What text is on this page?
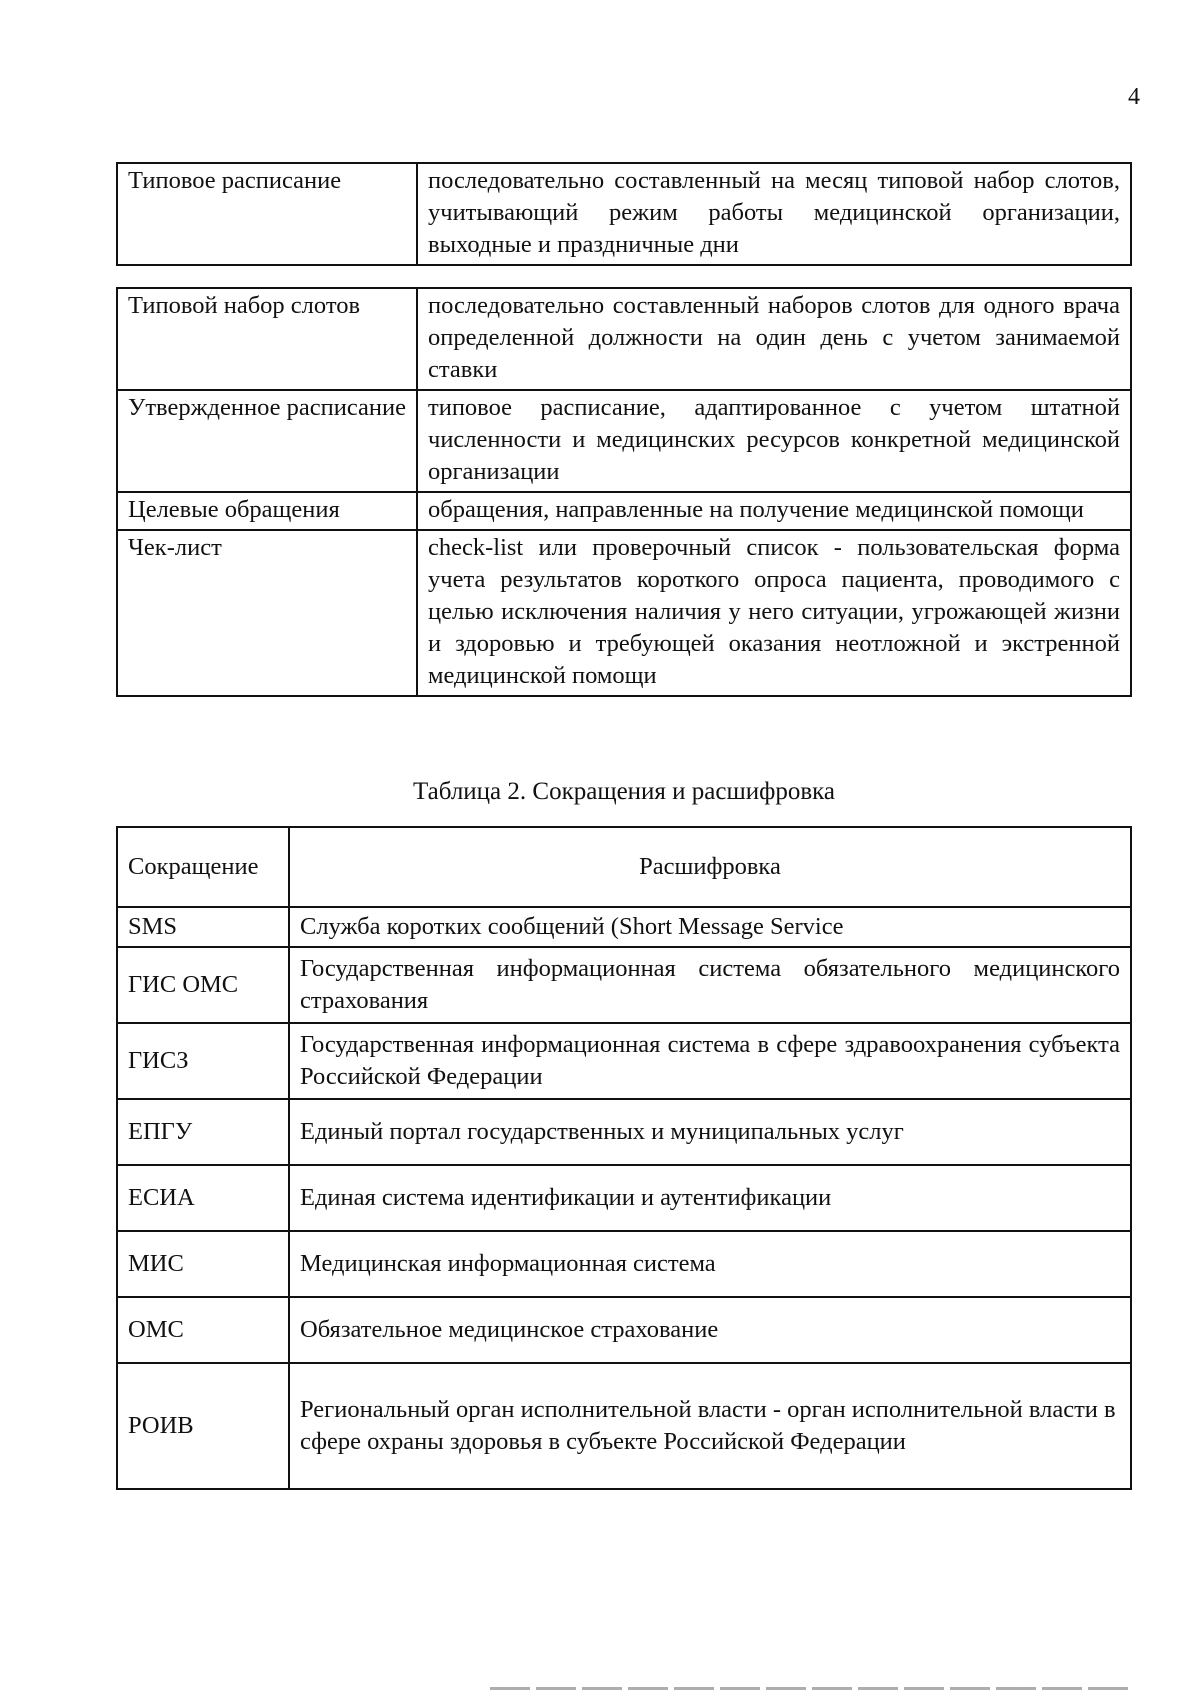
4
Типовое расписание	последовательно составленный на месяц типовой набор слотов, учитывающий режим работы медицинской организации, выходные и праздничные дни
Типовой набор слотов	последовательно составленный наборов слотов для одного врача определенной должности на один день с учетом занимаемой ставки
Утвержденное расписание	типовое расписание, адаптированное с учетом штатной численности и медицинских ресурсов конкретной медицинской организации
Целевые обращения	обращения, направленные на получение медицинской помощи
Чек-лист	check-list или проверочный список - пользовательская форма учета результатов короткого опроса пациента, проводимого с целью исключения наличия у него ситуации, угрожающей жизни и здоровью и требующей оказания неотложной и экстренной медицинской помощи
Таблица 2. Сокращения и расшифровка
Сокращение	Расшифровка
SMS	Служба коротких сообщений (Short Message Service
ГИС ОМС	Государственная информационная система обязательного медицинского страхования
ГИСЗ	Государственная информационная система в сфере здравоохранения субъекта Российской Федерации
ЕПГУ	Единый портал государственных и муниципальных услуг
ЕСИА	Единая система идентификации и аутентификации
МИС	Медицинская информационная система
ОМС	Обязательное медицинское страхование
РОИВ	Региональный орган исполнительной власти - орган исполнительной власти в сфере охраны здоровья в субъекте Российской Федерации
